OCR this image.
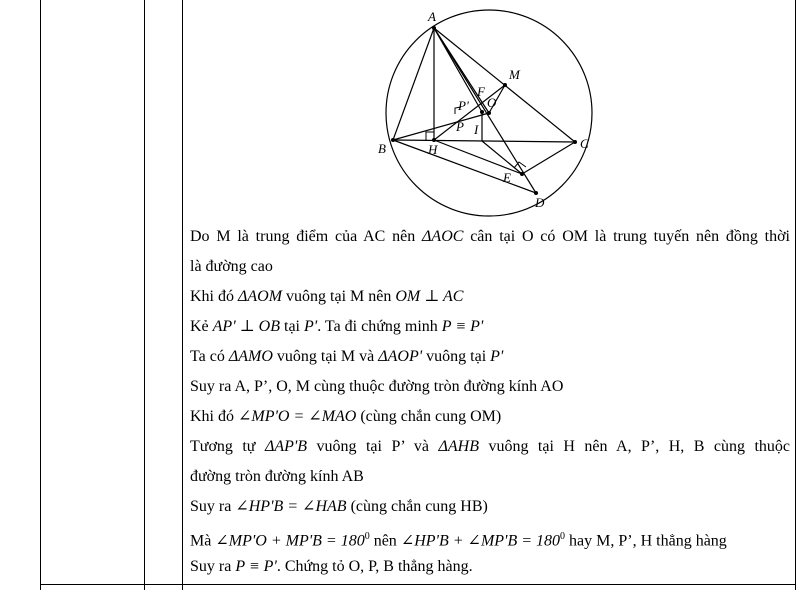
A
B	C
D
E
F
H
I
M
O
P
P'
Do M là trung điểm của AC nên ΔAOC cân tại O có OM là trung tuyến nên đồng thời
là đường cao
Khi đó ΔAOM vuông tại M nên OM ⊥ AC
Kẻ AP' ⊥ OB tại P'. Ta đi chứng minh P ≡ P'
Ta có ΔAMO vuông tại M và ΔAOP' vuông tại P'
Suy ra A, P’, O, M cùng thuộc đường tròn đường kính AO
Khi đó ∠MP'O = ∠MAO (cùng chắn cung OM)
Tương tự ΔAP'B vuông tại P’ và ΔAHB vuông tại H nên A, P’, H, B cùng thuộc
đường tròn đường kính AB
Suy ra ∠HP'B = ∠HAB (cùng chắn cung HB)
Mà ∠MP'O + $MP'B = 180^0$ nên ∠HP'B + ∠MP'B = $180^0$ hay M, P’, H thẳng hàng
Suy ra P ≡ P'. Chứng tỏ O, P, B thẳng hàng.
